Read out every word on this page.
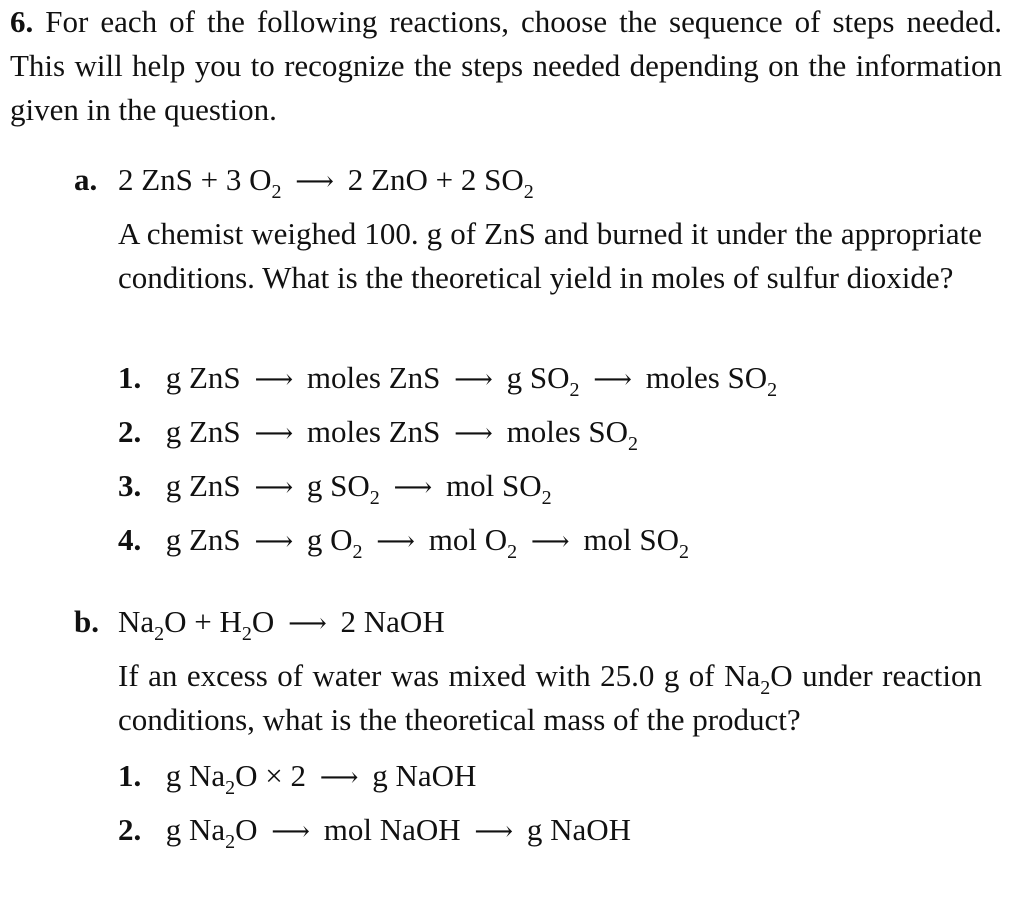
6. For each of the following reactions, choose the sequence of steps needed. This will help you to recognize the steps needed depending on the information given in the question.
a. 2 ZnS + 3 $O_2$ ⟶ 2 ZnO + 2 $SO_2$
A chemist weighed 100. g of ZnS and burned it under the appropriate conditions. What is the theoretical yield in moles of sulfur dioxide?
1. g ZnS ⟶ moles ZnS ⟶ g $SO_2$ ⟶ moles $SO_2$
2. g ZnS ⟶ moles ZnS ⟶ moles $SO_2$
3. g ZnS ⟶ g $SO_2$ ⟶ mol $SO_2$
4. g ZnS ⟶ g $O_2$ ⟶ mol $O_2$ ⟶ mol $SO_2$
b. $Na_2O + H_2O$ ⟶ 2 NaOH
If an excess of water was mixed with 25.0 g of $Na_2O$ under reaction conditions, what is the theoretical mass of the product?
1. g $Na_2O \times 2$ ⟶ g NaOH
2. g $Na_2O$ ⟶ mol NaOH ⟶ g NaOH
